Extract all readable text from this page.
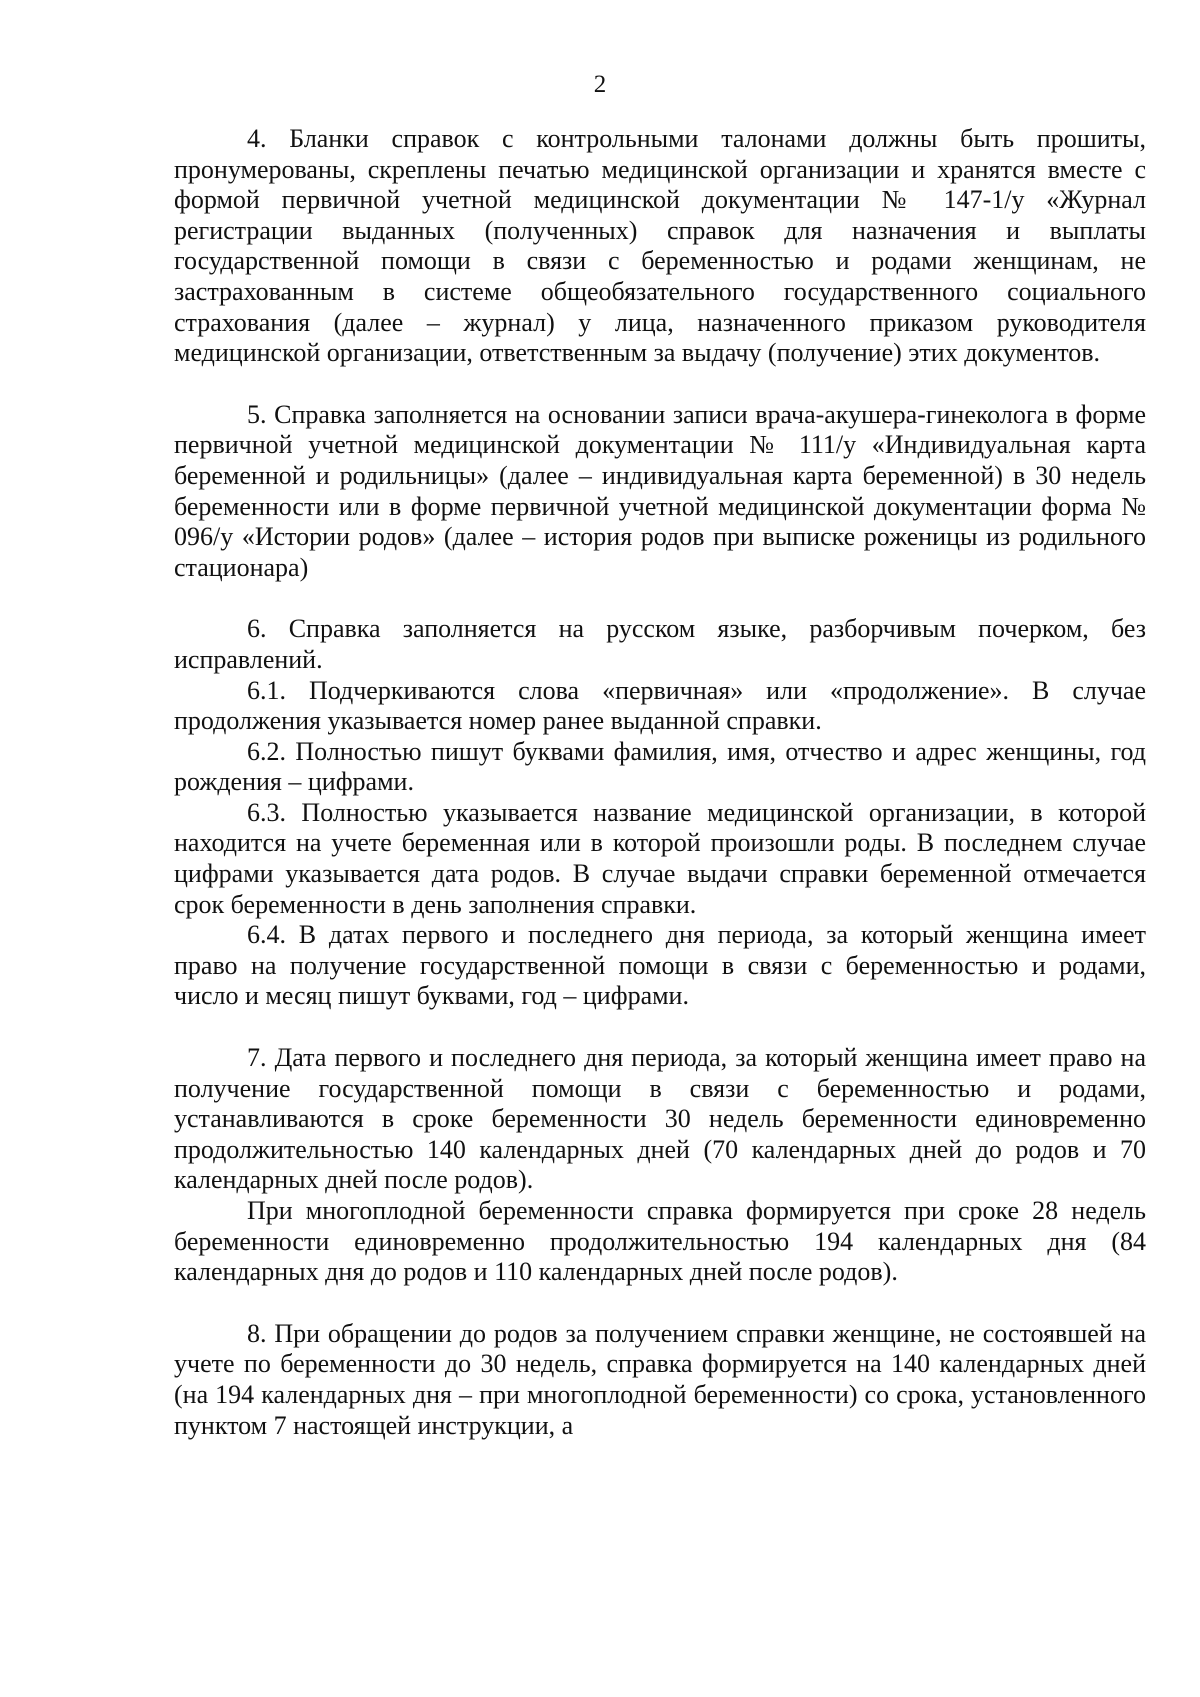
2

4. Бланки справок с контрольными талонами должны быть прошиты, пронумерованы, скреплены печатью медицинской организации и хранятся вместе с формой первичной учетной медицинской документации № 147-1/у «Журнал регистрации выданных (полученных) справок для назначения и выплаты государственной помощи в связи с беременностью и родами женщинам, не застрахованным в системе общеобязательного государственного социального страхования (далее – журнал) у лица, назначенного приказом руководителя медицинской организации, ответственным за выдачу (получение) этих документов.

5. Справка заполняется на основании записи врача-акушера-гинеколога в форме первичной учетной медицинской документации № 111/у «Индивидуальная карта беременной и родильницы» (далее – индивидуальная карта беременной) в 30 недель беременности или в форме первичной учетной медицинской документации форма № 096/у «Истории родов» (далее – история родов при выписке роженицы из родильного стационара)

6. Справка заполняется на русском языке, разборчивым почерком, без исправлений.

6.1. Подчеркиваются слова «первичная» или «продолжение». В случае продолжения указывается номер ранее выданной справки.

6.2. Полностью пишут буквами фамилия, имя, отчество и адрес женщины, год рождения – цифрами.

6.3. Полностью указывается название медицинской организации, в которой находится на учете беременная или в которой произошли роды. В последнем случае цифрами указывается дата родов. В случае выдачи справки беременной отмечается срок беременности в день заполнения справки.

6.4. В датах первого и последнего дня периода, за который женщина имеет право на получение государственной помощи в связи с беременностью и родами, число и месяц пишут буквами, год – цифрами.

7. Дата первого и последнего дня периода, за который женщина имеет право на получение государственной помощи в связи с беременностью и родами, устанавливаются в сроке беременности 30 недель беременности единовременно продолжительностью 140 календарных дней (70 календарных дней до родов и 70 календарных дней после родов).

При многоплодной беременности справка формируется при сроке 28 недель беременности единовременно продолжительностью 194 календарных дня (84 календарных дня до родов и 110 календарных дней после родов).

8. При обращении до родов за получением справки женщине, не состоявшей на учете по беременности до 30 недель, справка формируется на 140 календарных дней (на 194 календарных дня – при многоплодной беременности) со срока, установленного пунктом 7 настоящей инструкции, а
